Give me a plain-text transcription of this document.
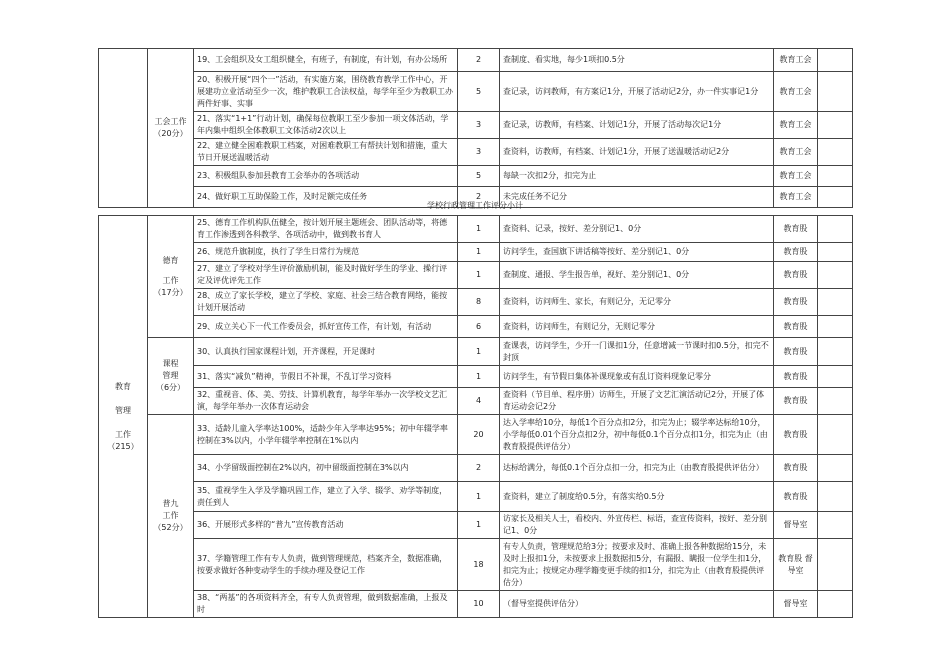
	工会工作
（20分）	19、工会组织及女工组织健全，有班子，有制度，有计划，有办公场所	2	查制度、看实地，每少1项扣0.5分	教育工会	
		20、积极开展“四个一”活动，有实施方案，围绕教育教学工作中心，开展建功立业活动至少一次，维护教职工合法权益，每学年至少为教职工办两件好事、实事	5	查记录，访问教师，有方案记1分，开展了活动记2分，办一件实事记1分	教育工会	
		21、落实“1+1”行动计划，确保每位教职工至少参加一项文体活动，学年内集中组织全体教职工文体活动2次以上	3	查记录，访教师，有档案、计划记1分，开展了活动每次记1分	教育工会	
		22、建立健全困难教职工档案，对困难教职工有帮扶计划和措施，重大节日开展送温暖活动	3	查资料，访教师，有档案、计划记1分，开展了送温暖活动记2分	教育工会	
		23、积极组队参加县教育工会举办的各项活动	5	每缺一次扣2分，扣完为止	教育工会	
		24、做好职工互助保险工作，及时足额完成任务	2	未完成任务不记分	教育工会	
学校行政管理工作评分小计
教育
管理
工作
（215）	德育
工作
（17分）	25、德育工作机构队伍健全，按计划开展主题班会、团队活动等，将德育工作渗透到各科教学、各项活动中，做到教书育人	1	查资料、记录，按好、差分别记1、0分	教育股	
		26、规范升旗制度，执行了学生日常行为规范	1	访问学生，查国旗下讲话稿等按好、差分别记1、0分	教育股	
		27、建立了学校对学生评价激励机制，能及时做好学生的学业、操行评定及评优评先工作	1	查制度、通报、学生报告单，视好、差分别记1、0分	教育股	
		28、成立了家长学校，建立了学校、家庭、社会三结合教育网络，能按计划开展活动	8	查资料，访问师生、家长，有则记分，无记零分	教育股	
		29、成立关心下一代工作委员会，抓好宣传工作，有计划，有活动	6	查资料，访问师生，有则记分，无则记零分	教育股	

	课程
管理
（6分）	30、认真执行国家课程计划，开齐课程，开足课时	1	查课表，访问学生，少开一门课扣1分，任意增减一节课时扣0.5分，扣完不封顶	教育股	
		31、落实“减负”精神，节假日不补课，不乱订学习资料	1	访问学生，有节假日集体补课现象或有乱订资料现象记零分	教育股	
		32、重视音、体、美、劳技、计算机教育，每学年举办一次学校文艺汇演，每学年举办一次体育运动会	4	查资料（节目单、程序册）访师生，开展了文艺汇演活动记2分，开展了体育运动会记2分	教育股	

	普九
工作
（52分）	33、适龄儿童入学率达100%，适龄少年入学率达95%；初中年辍学率控制在3%以内，小学年辍学率控制在1%以内	20	达入学率给10分，每低1个百分点扣2分，扣完为止；辍学率达标给10分，小学每低0.01个百分点扣2分，初中每低0.1个百分点扣1分，扣完为止（由教育股提供评估分）	教育股	
		34、小学留级面控制在2%以内，初中留级面控制在3%以内	2	达标给满分，每低0.1个百分点扣一分，扣完为止（由教育股提供评估分）	教育股	
		35、重视学生入学及学籍巩固工作，建立了入学、辍学、劝学等制度，责任到人	1	查资料，建立了制度给0.5分，有落实给0.5分	教育股	
		36、开展形式多样的“普九”宣传教育活动	1	访家长及相关人士，看校内、外宣传栏、标语，查宣传资料，按好、差分别记1、0分	督导室	
		37、学籍管理工作有专人负责，做到管理规范，档案齐全，数据准确，按要求做好各种变动学生的手续办理及登记工作	18	有专人负责，管理规范给3分；按要求及时、准确上报各种数据给15分，未及时上报扣1分，未按要求上报数据扣5分，有漏报、瞒报一位学生扣1分，扣完为止；按规定办理学籍变更手续的扣1分，扣完为止（由教育股提供评估分）	教育股 督导室	
		38、“两基”的各项资料齐全，有专人负责管理，做到数据准确，上报及时	10	（督导室提供评估分）	督导室	
